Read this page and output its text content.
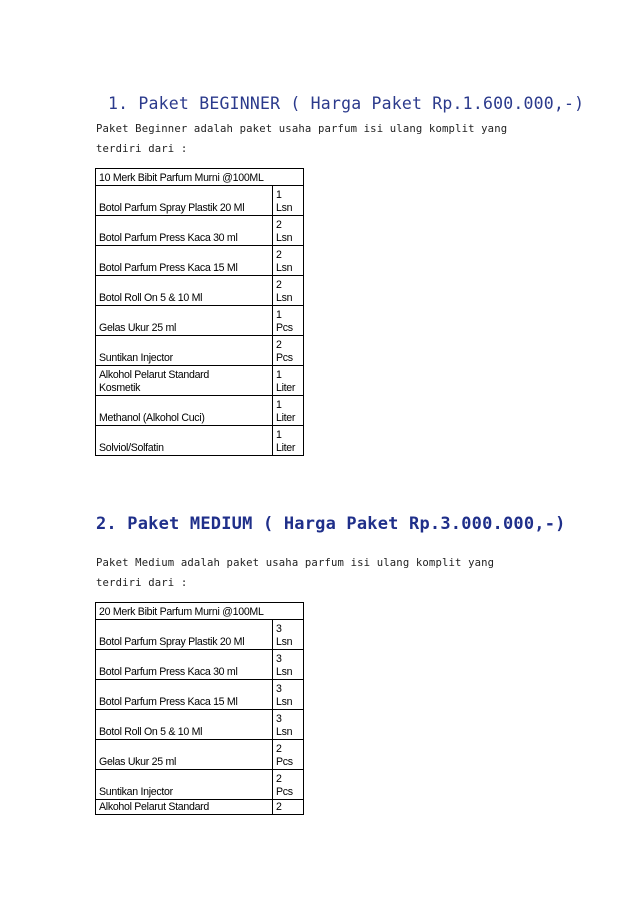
1. Paket BEGINNER ( Harga Paket Rp.1.600.000,-)
Paket Beginner adalah paket usaha parfum isi ulang komplit yang terdiri dari :
10 Merk Bibit Parfum Murni @100ML	
Botol Parfum Spray Plastik 20 Ml	1
Lsn
Botol Parfum Press Kaca 30 ml	2
Lsn
Botol Parfum Press Kaca 15 Ml	2
Lsn
Botol Roll On 5 & 10 Ml	2
Lsn
Gelas Ukur 25 ml	1
Pcs
Suntikan Injector	2
Pcs
Alkohol Pelarut Standard
Kosmetik	1
Liter
Methanol (Alkohol Cuci)	1
Liter
Solviol/Solfatin	1
Liter
2. Paket MEDIUM ( Harga Paket Rp.3.000.000,-)
Paket Medium adalah paket usaha parfum isi ulang komplit yang terdiri dari :
20 Merk Bibit Parfum Murni @100ML	
Botol Parfum Spray Plastik 20 Ml	3
Lsn
Botol Parfum Press Kaca 30 ml	3
Lsn
Botol Parfum Press Kaca 15 Ml	3
Lsn
Botol Roll On 5 & 10 Ml	3
Lsn
Gelas Ukur 25 ml	2
Pcs
Suntikan Injector	2
Pcs
Alkohol Pelarut Standard	2
